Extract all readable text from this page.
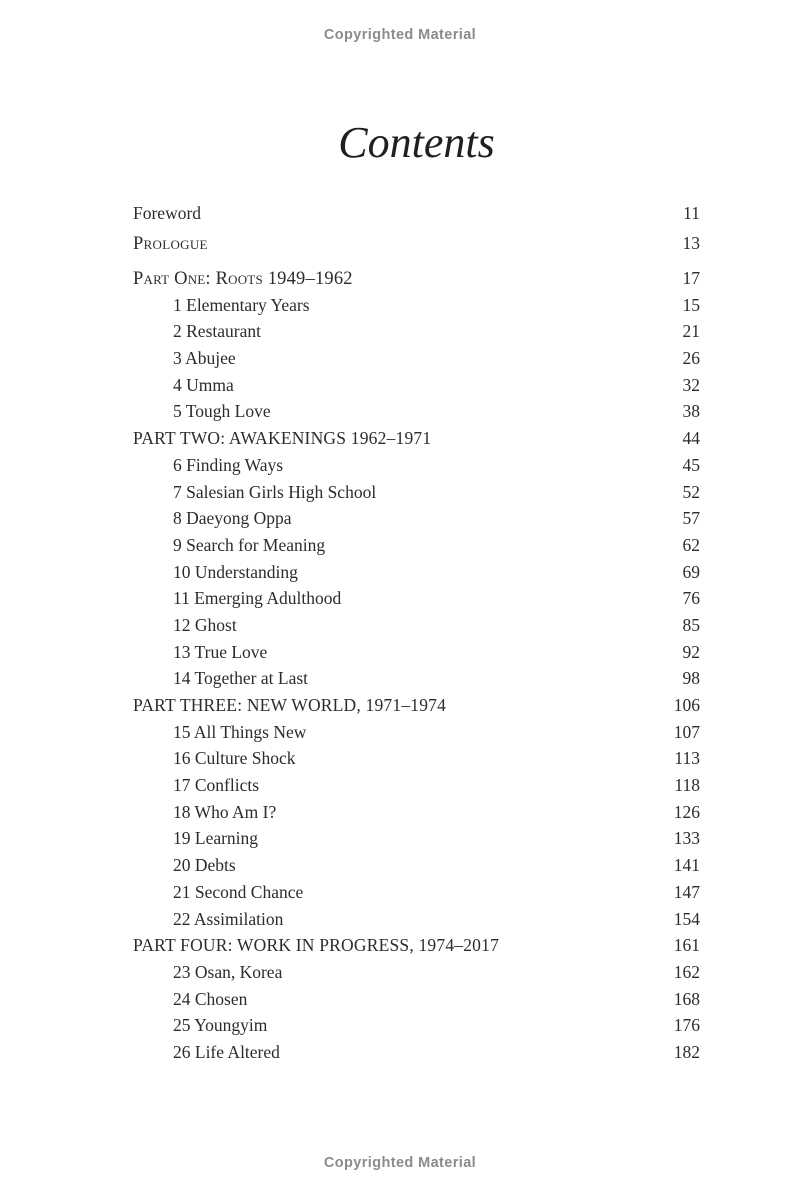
Copyrighted Material
Contents
Foreword	11
Prologue	13
Part One: Roots 1949–1962	17
1 Elementary Years	15
2 Restaurant	21
3 Abujee	26
4 Umma	32
5 Tough Love	38
PART TWO: AWAKENINGS 1962–1971	44
6 Finding Ways	45
7 Salesian Girls High School	52
8 Daeyong Oppa	57
9 Search for Meaning	62
10 Understanding	69
11 Emerging Adulthood	76
12 Ghost	85
13 True Love	92
14 Together at Last	98
PART THREE: NEW WORLD, 1971–1974	106
15 All Things New	107
16 Culture Shock	113
17 Conflicts	118
18 Who Am I?	126
19 Learning	133
20 Debts	141
21 Second Chance	147
22 Assimilation	154
PART FOUR: WORK IN PROGRESS, 1974–2017	161
23 Osan, Korea	162
24 Chosen	168
25 Youngyim	176
26 Life Altered	182
Copyrighted Material
